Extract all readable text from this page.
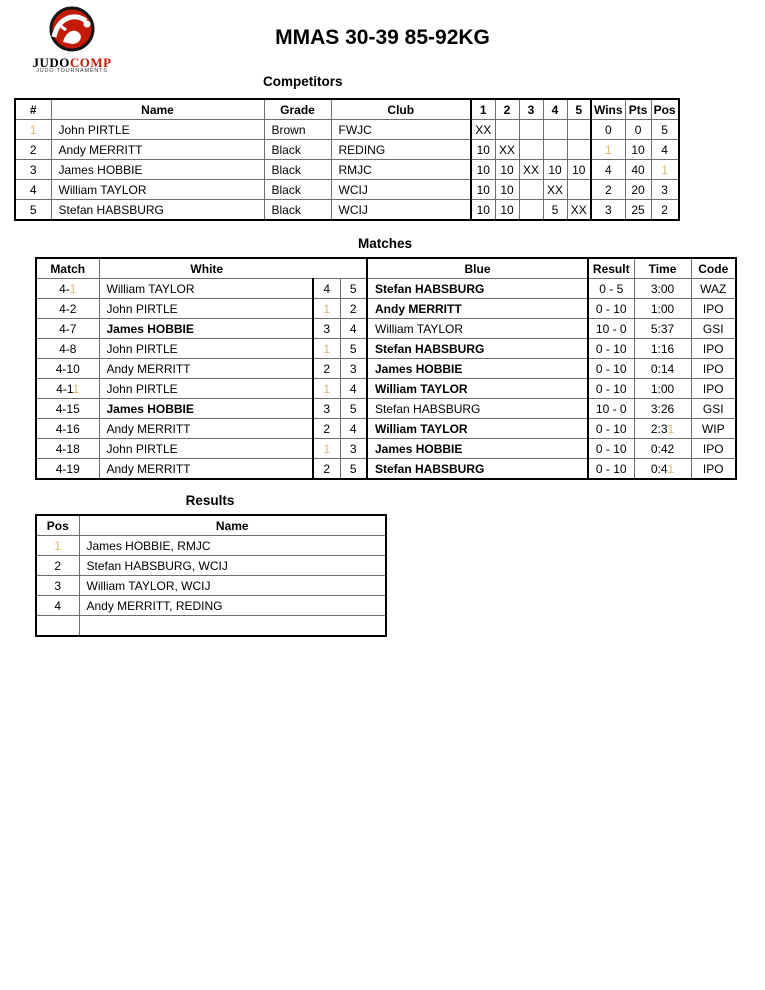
JUDOCOMP
JUDO TOURNAMENTS
MMAS 30-39 85-92KG
Competitors
#	Name	Grade	Club	1	2	3	4	5	Wins	Pts	Pos
1	John PIRTLE	Brown	FWJC	XX					0	0	5
2	Andy MERRITT	Black	REDING	10	XX				1	10	4
3	James HOBBIE	Black	RMJC	10	10	XX	10	10	4	40	1
4	William TAYLOR	Black	WCIJ	10	10		XX		2	20	3
5	Stefan HABSBURG	Black	WCIJ	10	10		5	XX	3	25	2
Matches
Match	White			Blue	Result	Time	Code
4-1	William TAYLOR	4	5	Stefan HABSBURG	0 - 5	3:00	WAZ
4-2	John PIRTLE	1	2	Andy MERRITT	0 - 10	1:00	IPO
4-7	James HOBBIE	3	4	William TAYLOR	10 - 0	5:37	GSI
4-8	John PIRTLE	1	5	Stefan HABSBURG	0 - 10	1:16	IPO
4-10	Andy MERRITT	2	3	James HOBBIE	0 - 10	0:14	IPO
4-11	John PIRTLE	1	4	William TAYLOR	0 - 10	1:00	IPO
4-15	James HOBBIE	3	5	Stefan HABSBURG	10 - 0	3:26	GSI
4-16	Andy MERRITT	2	4	William TAYLOR	0 - 10	2:31	WIP
4-18	John PIRTLE	1	3	James HOBBIE	0 - 10	0:42	IPO
4-19	Andy MERRITT	2	5	Stefan HABSBURG	0 - 10	0:41	IPO
Results
Pos	Name
1	James HOBBIE, RMJC
2	Stefan HABSBURG, WCIJ
3	William TAYLOR, WCIJ
4	Andy MERRITT, REDING
